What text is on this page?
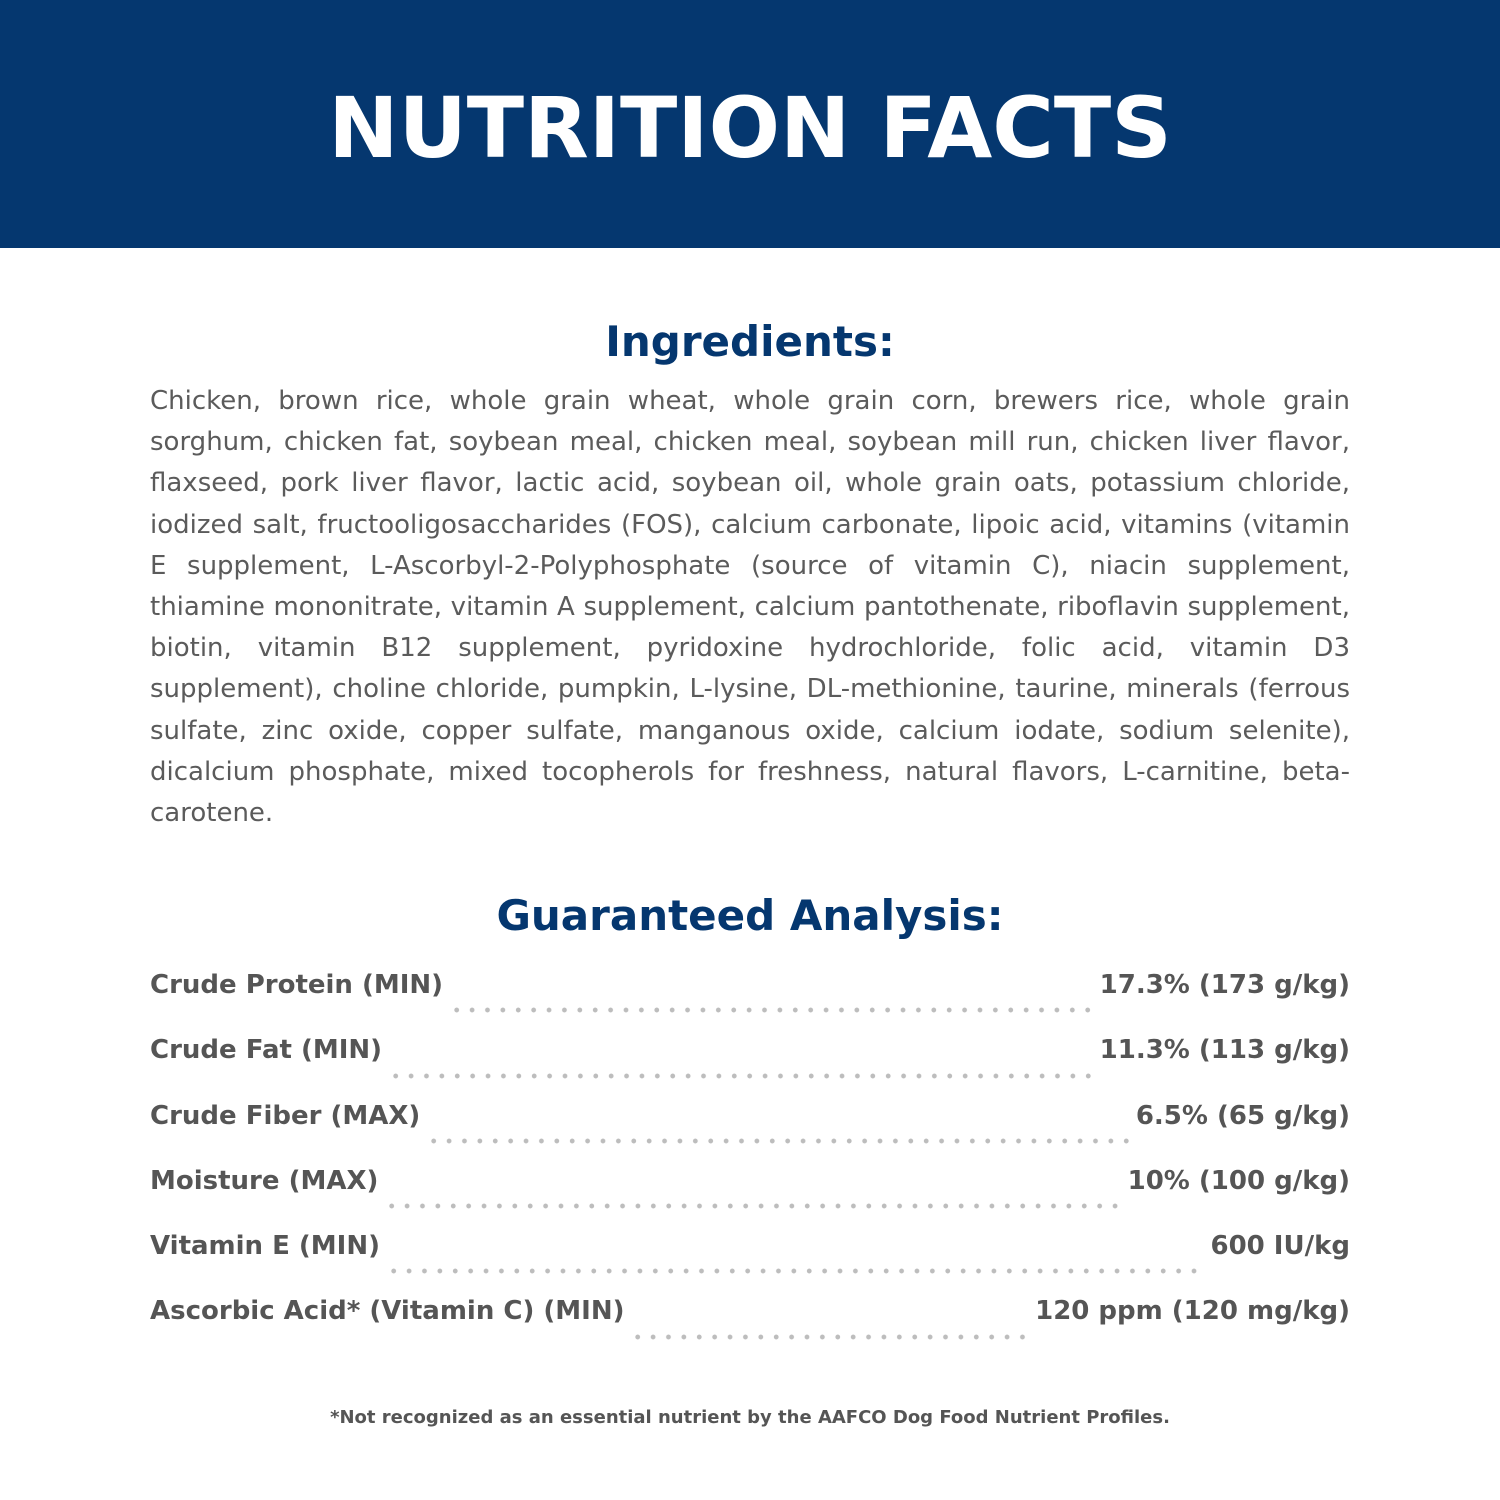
NUTRITION FACTS
Ingredients:
Chicken, brown rice, whole grain wheat, whole grain corn, brewers rice, whole grain sorghum, chicken fat, soybean meal, chicken meal, soybean mill run, chicken liver flavor, flaxseed, pork liver flavor, lactic acid, soybean oil, whole grain oats, potassium chloride, iodized salt, fructooligosaccharides (FOS), calcium carbonate, lipoic acid, vitamins (vitamin E supplement, L-Ascorbyl-2-Polyphosphate (source of vitamin C), niacin supplement, thiamine mononitrate, vitamin A supplement, calcium pantothenate, riboflavin supplement, biotin, vitamin B12 supplement, pyridoxine hydrochloride, folic acid, vitamin D3 supplement), choline chloride, pumpkin, L-lysine, DL-methionine, taurine, minerals (ferrous sulfate, zinc oxide, copper sulfate, manganous oxide, calcium iodate, sodium selenite), dicalcium phosphate, mixed tocopherols for freshness, natural flavors, L-carnitine, beta-carotene.
Guaranteed Analysis:
Crude Protein (MIN)	17.3% (173 g/kg)
Crude Fat (MIN)	11.3% (113 g/kg)
Crude Fiber (MAX)	6.5% (65 g/kg)
Moisture (MAX)	10% (100 g/kg)
Vitamin E (MIN)	600 IU/kg
Ascorbic Acid* (Vitamin C) (MIN)	120 ppm (120 mg/kg)
*Not recognized as an essential nutrient by the AAFCO Dog Food Nutrient Profiles.
